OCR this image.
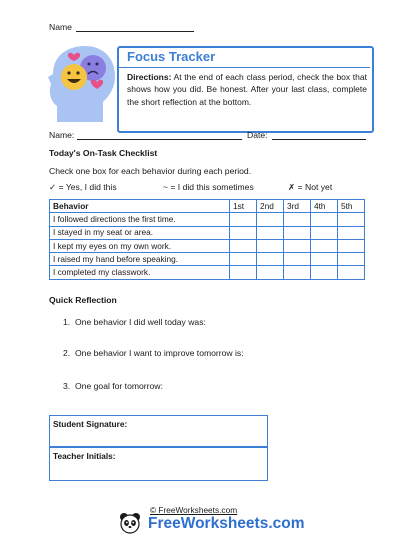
Name
Focus Tracker
Directions: At the end of each class period, check the box that shows how you did. Be honest. After your last class, complete the short reflection at the bottom.
Name:	Date:
Today's On-Task Checklist
Check one box for each behavior during each period.
✓ = Yes, I did this	~ = I did this sometimes	✗ = Not yet
Behavior	1st	2nd	3rd	4th	5th
I followed directions the first time.					
I stayed in my seat or area.					
I kept my eyes on my own work.					
I raised my hand before speaking.					
I completed my classwork.					
Quick Reflection
1. One behavior I did well today was:
2. One behavior I want to improve tomorrow is:
3. One goal for tomorrow:
Student Signature:
Teacher Initials:
© FreeWorksheets.com
FreeWorksheets.com
